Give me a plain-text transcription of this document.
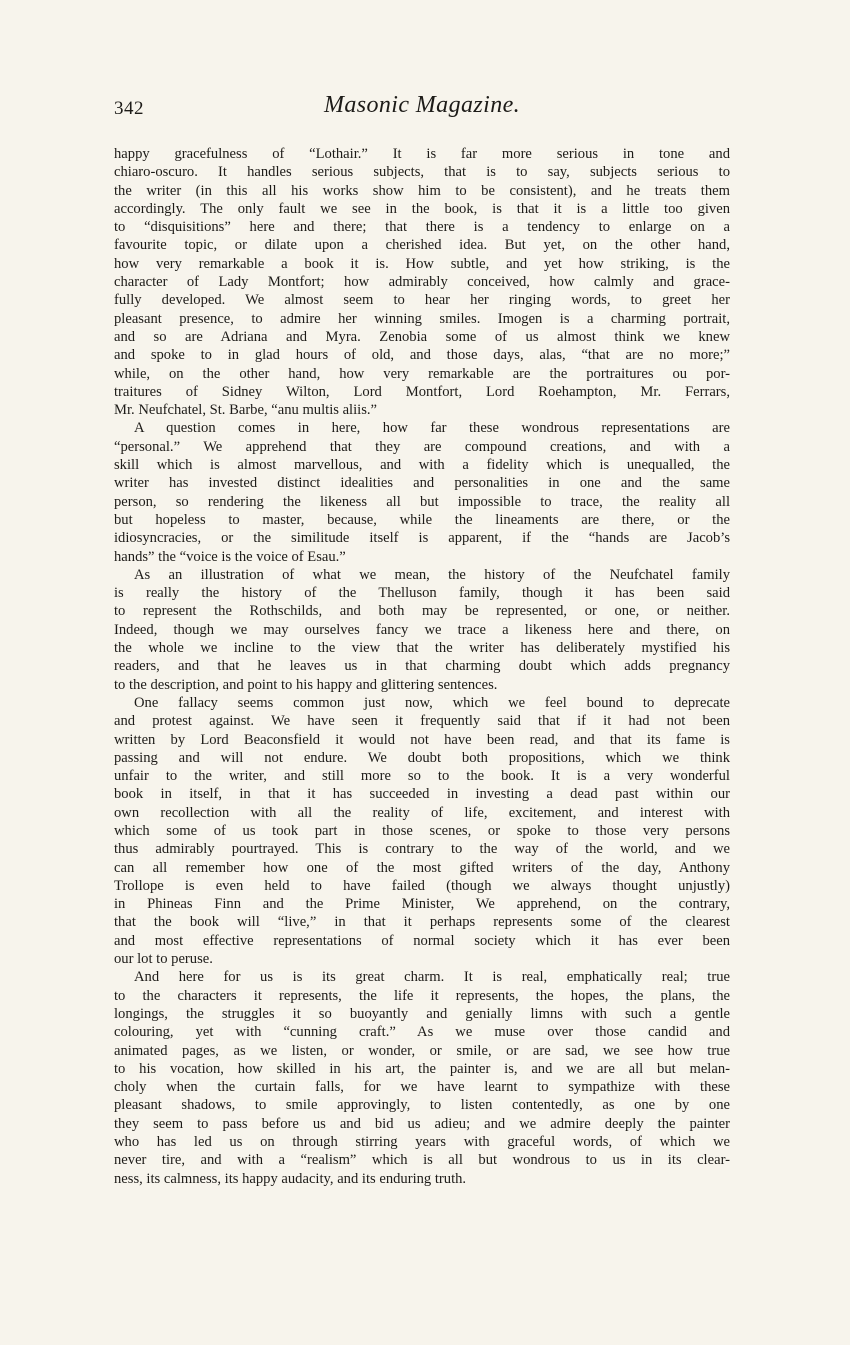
342	Masonic Magazine.
happy gracefulness of “Lothair.” It is far more serious in tone and
chiaro-oscuro. It handles serious subjects, that is to say, subjects serious to
the writer (in this all his works show him to be consistent), and he treats them
accordingly. The only fault we see in the book, is that it is a little too given
to “disquisitions” here and there; that there is a tendency to enlarge on a
favourite topic, or dilate upon a cherished idea. But yet, on the other hand,
how very remarkable a book it is. How subtle, and yet how striking, is the
character of Lady Montfort; how admirably conceived, how calmly and grace-
fully developed. We almost seem to hear her ringing words, to greet her
pleasant presence, to admire her winning smiles. Imogen is a charming portrait,
and so are Adriana and Myra. Zenobia some of us almost think we knew
and spoke to in glad hours of old, and those days, alas, “that are no more;”
while, on the other hand, how very remarkable are the portraitures ou por-
traitures of Sidney Wilton, Lord Montfort, Lord Roehampton, Mr. Ferrars,
Mr. Neufchatel, St. Barbe, “anu multis aliis.”
A question comes in here, how far these wondrous representations are
“personal.” We apprehend that they are compound creations, and with a
skill which is almost marvellous, and with a fidelity which is unequalled, the
writer has invested distinct idealities and personalities in one and the same
person, so rendering the likeness all but impossible to trace, the reality all
but hopeless to master, because, while the lineaments are there, or the
idiosyncracies, or the similitude itself is apparent, if the “hands are Jacob’s
hands” the “voice is the voice of Esau.”
As an illustration of what we mean, the history of the Neufchatel family
is really the history of the Thelluson family, though it has been said
to represent the Rothschilds, and both may be represented, or one, or neither.
Indeed, though we may ourselves fancy we trace a likeness here and there, on
the whole we incline to the view that the writer has deliberately mystified his
readers, and that he leaves us in that charming doubt which adds pregnancy
to the description, and point to his happy and glittering sentences.
One fallacy seems common just now, which we feel bound to deprecate
and protest against. We have seen it frequently said that if it had not been
written by Lord Beaconsfield it would not have been read, and that its fame is
passing and will not endure. We doubt both propositions, which we think
unfair to the writer, and still more so to the book. It is a very wonderful
book in itself, in that it has succeeded in investing a dead past within our
own recollection with all the reality of life, excitement, and interest with
which some of us took part in those scenes, or spoke to those very persons
thus admirably pourtrayed. This is contrary to the way of the world, and we
can all remember how one of the most gifted writers of the day, Anthony
Trollope is even held to have failed (though we always thought unjustly)
in Phineas Finn and the Prime Minister, We apprehend, on the contrary,
that the book will “live,” in that it perhaps represents some of the clearest
and most effective representations of normal society which it has ever been
our lot to peruse.
And here for us is its great charm. It is real, emphatically real; true
to the characters it represents, the life it represents, the hopes, the plans, the
longings, the struggles it so buoyantly and genially limns with such a gentle
colouring, yet with “cunning craft.” As we muse over those candid and
animated pages, as we listen, or wonder, or smile, or are sad, we see how true
to his vocation, how skilled in his art, the painter is, and we are all but melan-
choly when the curtain falls, for we have learnt to sympathize with these
pleasant shadows, to smile approvingly, to listen contentedly, as one by one
they seem to pass before us and bid us adieu; and we admire deeply the painter
who has led us on through stirring years with graceful words, of which we
never tire, and with a “realism” which is all but wondrous to us in its clear-
ness, its calmness, its happy audacity, and its enduring truth.
